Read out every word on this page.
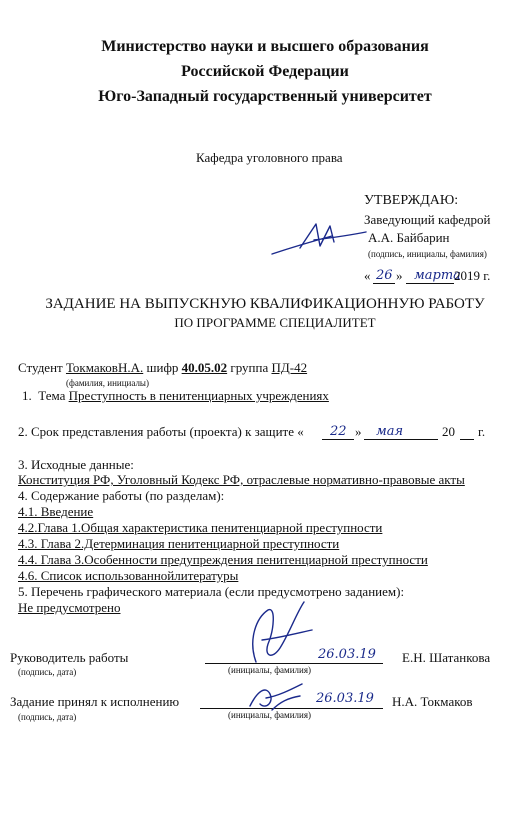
Министерство науки и высшего образования
Российской Федерации
Юго-Западный государственный университет
Кафедра уголовного права
УТВЕРЖДАЮ:
Заведующий кафедрой
А.А. Байбарин
(подпись, инициалы, фамилия)
« 26 » марта
2019 г.
ЗАДАНИЕ НА ВЫПУСКНУЮ КВАЛИФИКАЦИОННУЮ РАБОТУ
ПО ПРОГРАММЕ СПЕЦИАЛИТЕТ
Студент ТокмаковН.А. шифр 40.05.02 группа ПД-42
(фамилия, инициалы)
1. Тема Преступность в пенитенциарных учреждениях
2. Срок представления работы (проекта) к защите « 22 » мая	20 г.
3. Исходные данные:
Конституция РФ, Уголовный Кодекс РФ, отраслевые нормативно-правовые акты
4. Содержание работы (по разделам):
4.1. Введение
4.2.Глава 1.Общая характеристика пенитенциарной преступности
4.3. Глава 2.Детерминация пенитенциарной преступности
4.4. Глава 3.Особенности предупреждения пенитенциарной преступности
4.6. Список использованнойлитературы
5. Перечень графического материала (если предусмотрено заданием):
Не предусмотрено
Руководитель работы
(подпись, дата)
26.03.19
(инициалы, фамилия)
Е.Н. Шатанкова
Задание принял к исполнению
(подпись, дата)
26.03.19
(инициалы, фамилия)
Н.А. Токмаков
